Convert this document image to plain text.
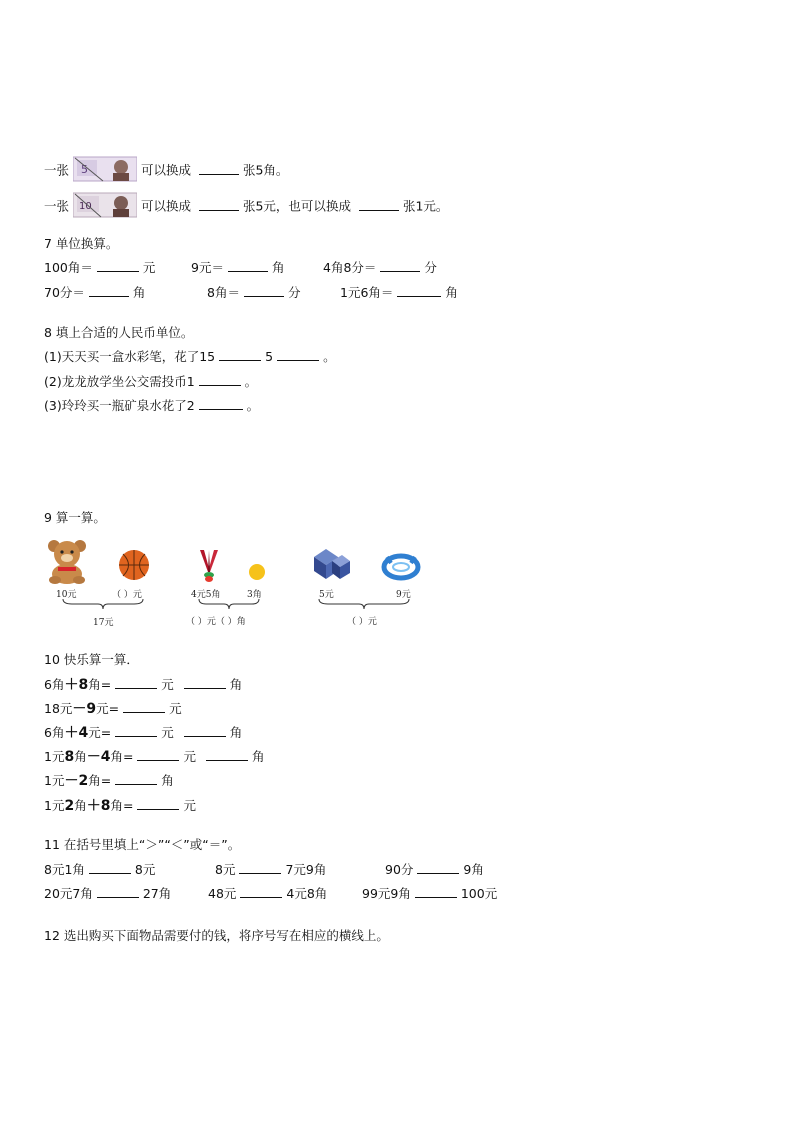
一张 5	可以换成	张5角。
一张 10	可以换成	张5元，也可以换成	张1元。
7 单位换算。
100角＝	元	9元＝	角	4角8分＝	分
70分＝	角	8角＝	分	1元6角＝	角
8 填上合适的人民币单位。
(1)天天买一盒水彩笔，花了15	5	。
(2)龙龙放学坐公交需投币1	。
(3)玲玲买一瓶矿泉水花了2	。
9 算一算。
10元	（ ）元
17元
4元5角	3角
（ ）元（ ）角
5元	9元
（ ）元
10 快乐算一算．
6角＋8角=	元	角
18元－9元=	元
6角＋4元=	元	角
1元8角－4角=	元	角
1元－2角=	角
1元2角＋8角=	元
11 在括号里填上“＞”“＜”或“＝”。
8元1角	8元	8元	7元9角	90分	9角
20元7角	27角	48元	4元8角	99元9角	100元
12 选出购买下面物品需要付的钱，将序号写在相应的横线上。
